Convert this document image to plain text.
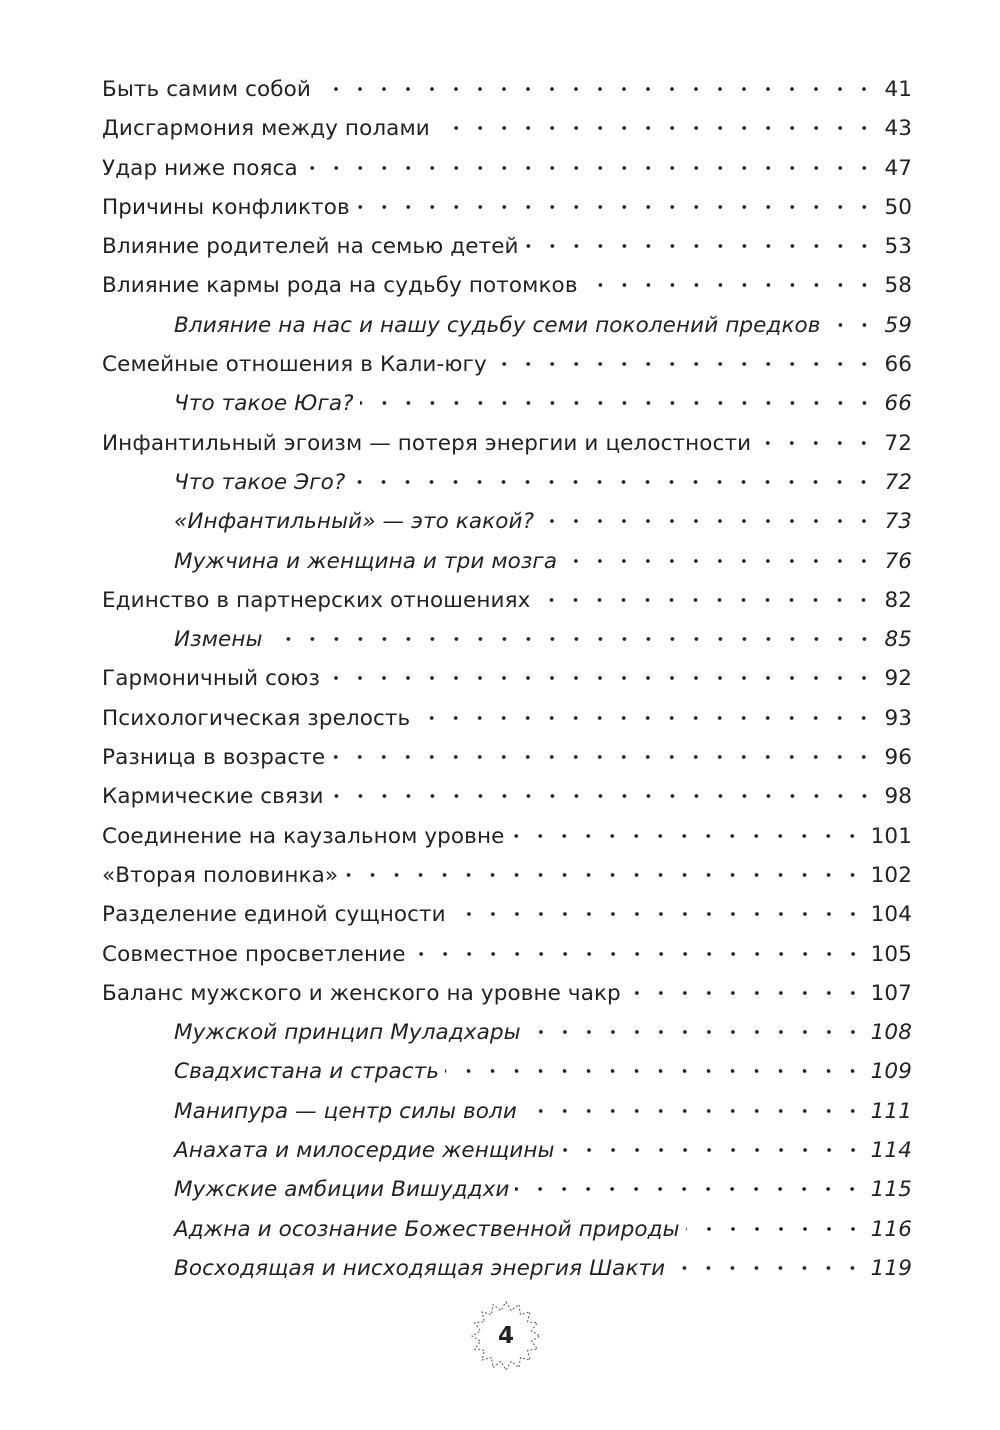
Быть самим собой	41
Дисгармония между полами	43
Удар ниже пояса	47
Причины конфликтов	50
Влияние родителей на семью детей	53
Влияние кармы рода на судьбу потомков	58
Влияние на нас и нашу судьбу семи поколений предков	59
Семейные отношения в Кали-югу	66
Что такое Юга?	66
Инфантильный эгоизм — потеря энергии и целостности	72
Что такое Эго?	72
«Инфантильный» — это какой?	73
Мужчина и женщина и три мозга	76
Единство в партнерских отношениях	82
Измены	85
Гармоничный союз	92
Психологическая зрелость	93
Разница в возрасте	96
Кармические связи	98
Соединение на каузальном уровне	101
«Вторая половинка»	102
Разделение единой сущности	104
Совместное просветление	105
Баланс мужского и женского на уровне чакр	107
Мужской принцип Муладхары	108
Свадхистана и страсть	109
Манипура — центр силы воли	111
Анахата и милосердие женщины	114
Мужские амбиции Вишуддхи	115
Аджна и осознание Божественной природы	116
Восходящая и нисходящая энергия Шакти	119
4
